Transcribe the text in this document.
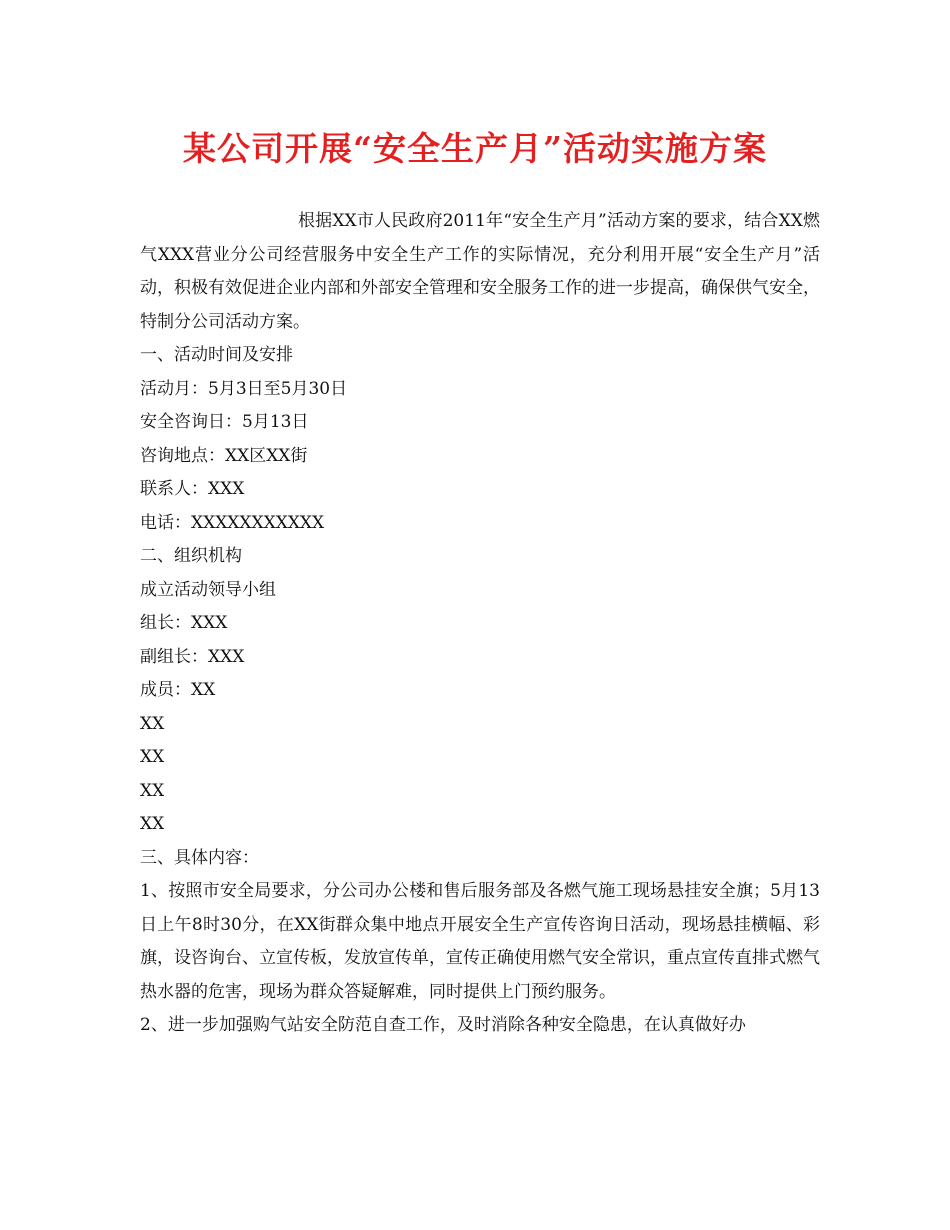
某公司开展“安全生产月”活动实施方案

根据XX市人民政府2011年“安全生产月”活动方案的要求，结合XX燃气XXX营业分公司经营服务中安全生产工作的实际情况，充分利用开展“安全生产月”活动，积极有效促进企业内部和外部安全管理和安全服务工作的进一步提高，确保供气安全，特制分公司活动方案。

一、活动时间及安排

活动月：5月3日至5月30日

安全咨询日：5月13日

咨询地点：XX区XX街

联系人：XXX

电话：XXXXXXXXXXX

二、组织机构

成立活动领导小组

组长：XXX

副组长：XXX

成员：XX

XX

XX

XX

XX

三、具体内容：

1、按照市安全局要求，分公司办公楼和售后服务部及各燃气施工现场悬挂安全旗；5月13日上午8时30分，在XX街群众集中地点开展安全生产宣传咨询日活动，现场悬挂横幅、彩旗，设咨询台、立宣传板，发放宣传单，宣传正确使用燃气安全常识，重点宣传直排式燃气热水器的危害，现场为群众答疑解难，同时提供上门预约服务。

2、进一步加强购气站安全防范自查工作，及时消除各种安全隐患，在认真做好办
